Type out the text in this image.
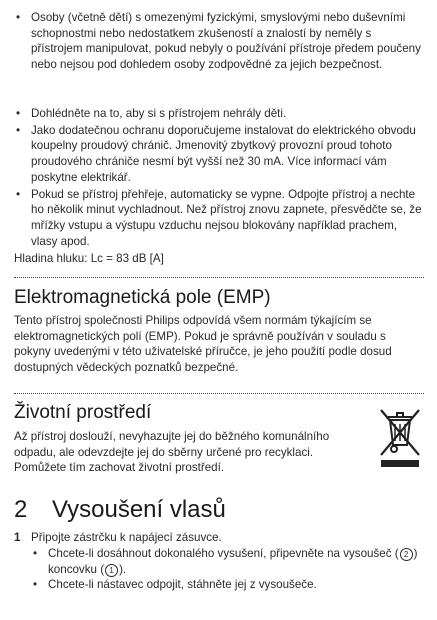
• Osoby (včetně dětí) s omezenými fyzickými, smyslovými nebo duševními schopnostmi nebo nedostatkem zkušeností a znalostí by neměly s přístrojem manipulovat, pokud nebyly o používání přístroje předem poučeny nebo nejsou pod dohledem osoby zodpovědné za jejich bezpečnost.
• Dohlédněte na to, aby si s přístrojem nehrály děti.
• Jako dodatečnou ochranu doporučujeme instalovat do elektrického obvodu koupelny proudový chránič. Jmenovitý zbytkový provozní proud tohoto proudového chrániče nesmí být vyšší než 30 mA. Více informací vám poskytne elektrikář.
• Pokud se přístroj přehřeje, automaticky se vypne. Odpojte přístroj a nechte ho několik minut vychladnout. Než přístroj znovu zapnete, přesvědčte se, že mřížky vstupu a výstupu vzduchu nejsou blokovány například prachem, vlasy apod.
Hladina hluku: Lc = 83 dB [A]
Elektromagnetická pole (EMP)

Tento přístroj společnosti Philips odpovídá všem normám týkajícím se elektromagnetických polí (EMP). Pokud je správně používán v souladu s pokyny uvedenými v této uživatelské příručce, je jeho použití podle dosud dostupných vědeckých poznatků bezpečné.

Životní prostředí

Až přístroj doslouží, nevyhazujte jej do běžného komunálního odpadu, ale odevzdejte jej do sběrny určené pro recyklaci. Pomůžete tím zachovat životní prostředí.

2 Vysoušení vlasů
1 Připojte zástrčku k napájecí zásuvce.
• Chcete-li dosáhnout dokonalého vysušení, připevněte na vysoušeč ( 2 ) koncovku ( 1 ).
• Chcete-li nástavec odpojit, stáhněte jej z vysoušeče.
